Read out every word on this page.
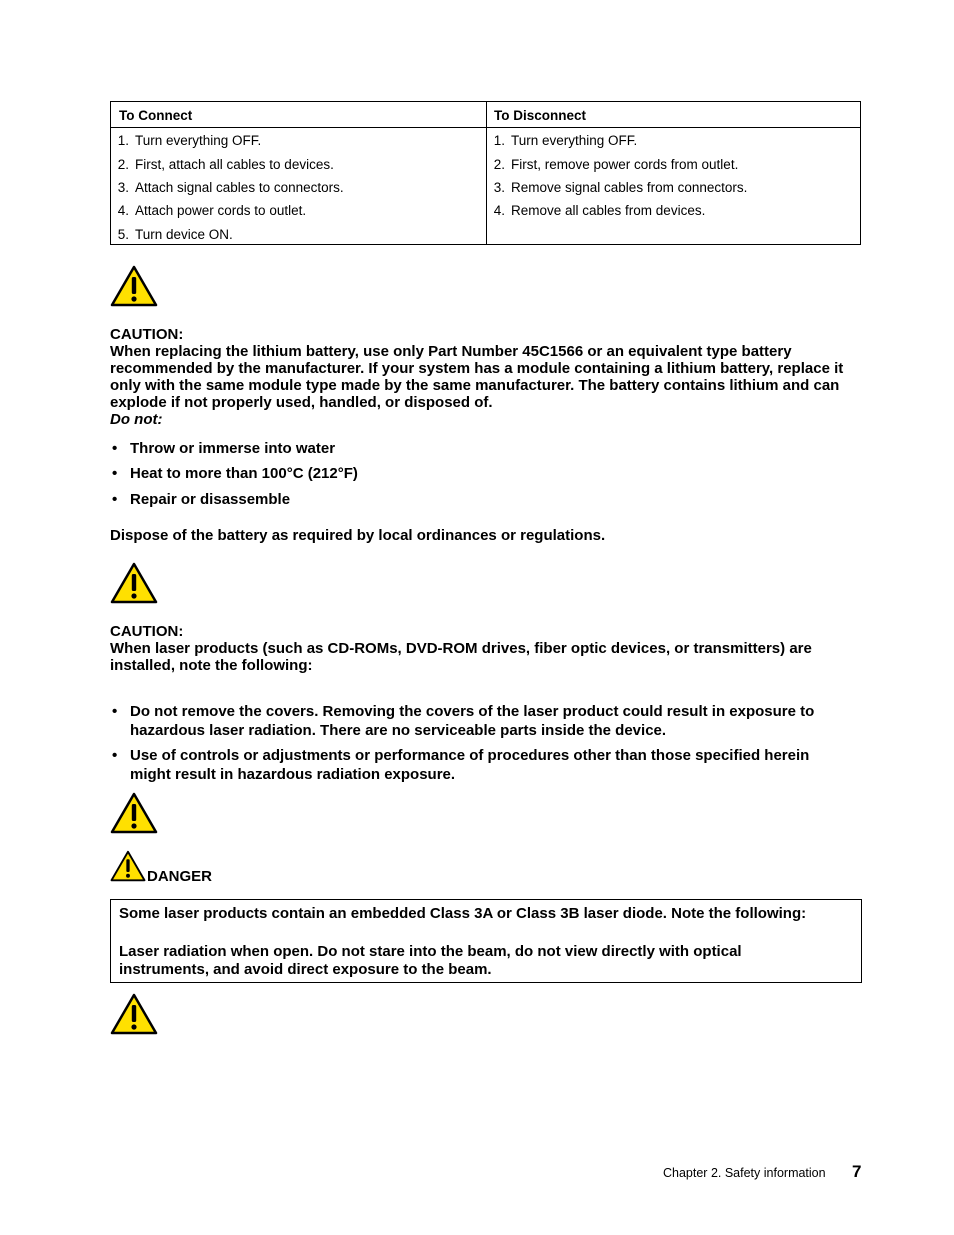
To Connect	To Disconnect
1. Turn everything OFF.
2. First, attach all cables to devices.
3. Attach signal cables to connectors.
4. Attach power cords to outlet.
5. Turn device ON.
1. Turn everything OFF.
2. First, remove power cords from outlet.
3. Remove signal cables from connectors.
4. Remove all cables from devices.
CAUTION:
When replacing the lithium battery, use only Part Number 45C1566 or an equivalent type battery recommended by the manufacturer. If your system has a module containing a lithium battery, replace it only with the same module type made by the same manufacturer. The battery contains lithium and can explode if not properly used, handled, or disposed of.
Do not:
• Throw or immerse into water
• Heat to more than 100°C (212°F)
• Repair or disassemble
Dispose of the battery as required by local ordinances or regulations.
CAUTION:
When laser products (such as CD-ROMs, DVD-ROM drives, fiber optic devices, or transmitters) are installed, note the following:
• Do not remove the covers. Removing the covers of the laser product could result in exposure to hazardous laser radiation. There are no serviceable parts inside the device.
• Use of controls or adjustments or performance of procedures other than those specified herein might result in hazardous radiation exposure.
DANGER
Some laser products contain an embedded Class 3A or Class 3B laser diode. Note the following:
Laser radiation when open. Do not stare into the beam, do not view directly with optical instruments, and avoid direct exposure to the beam.
Chapter 2. Safety information 7
